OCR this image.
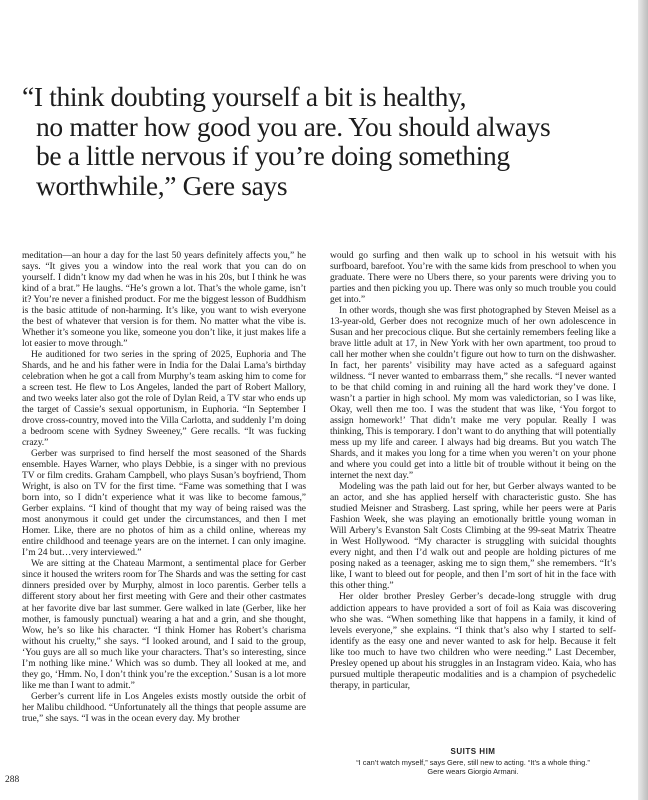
“I think doubting yourself a bit is healthy,
no matter how good you are. You should always
be a little nervous if you’re doing something
worthwhile,” Gere says

meditation—an hour a day for the last 50 years definitely affects you,” he says. “It gives you a window into the real work that you can do on yourself. I didn’t know my dad when he was in his 20s, but I think he was kind of a brat.” He laughs. “He’s grown a lot. That’s the whole game, isn’t it? You’re never a finished product. For me the biggest lesson of Buddhism is the basic attitude of non-harming. It’s like, you want to wish everyone the best of whatever that version is for them. No matter what the vibe is. Whether it’s someone you like, someone you don’t like, it just makes life a lot easier to move through.”

He auditioned for two series in the spring of 2025, Euphoria and The Shards, and he and his father were in India for the Dalai Lama’s birthday celebration when he got a call from Murphy’s team asking him to come for a screen test. He flew to Los Angeles, landed the part of Robert Mallory, and two weeks later also got the role of Dylan Reid, a TV star who ends up the target of Cassie’s sexual opportunism, in Euphoria. “In September I drove cross-country, moved into the Villa Carlotta, and suddenly I’m doing a bedroom scene with Sydney Sweeney,” Gere recalls. “It was fucking crazy.”

Gerber was surprised to find herself the most seasoned of the Shards ensemble. Hayes Warner, who plays Debbie, is a singer with no previous TV or film credits. Graham Campbell, who plays Susan’s boyfriend, Thom Wright, is also on TV for the first time. “Fame was something that I was born into, so I didn’t experience what it was like to become famous,” Gerber explains. “I kind of thought that my way of being raised was the most anonymous it could get under the circumstances, and then I met Homer. Like, there are no photos of him as a child online, whereas my entire childhood and teenage years are on the internet. I can only imagine. I’m 24 but…very interviewed.”

We are sitting at the Chateau Marmont, a sentimental place for Gerber since it housed the writers room for The Shards and was the setting for cast dinners presided over by Murphy, almost in loco parentis. Gerber tells a different story about her first meeting with Gere and their other castmates at her favorite dive bar last summer. Gere walked in late (Gerber, like her mother, is famously punctual) wearing a hat and a grin, and she thought, Wow, he’s so like his character. “I think Homer has Robert’s charisma without his cruelty,” she says. “I looked around, and I said to the group, ‘You guys are all so much like your characters. That’s so interesting, since I’m nothing like mine.’ Which was so dumb. They all looked at me, and they go, ‘Hmm. No, I don’t think you’re the exception.’ Susan is a lot more like me than I want to admit.”

Gerber’s current life in Los Angeles exists mostly outside the orbit of her Malibu childhood. “Unfortunately all the things that people assume are true,” she says. “I was in the ocean every day. My brother

would go surfing and then walk up to school in his wetsuit with his surfboard, barefoot. You’re with the same kids from preschool to when you graduate. There were no Ubers there, so your parents were driving you to parties and then picking you up. There was only so much trouble you could get into.”

In other words, though she was first photographed by Steven Meisel as a 13-year-old, Gerber does not recognize much of her own adolescence in Susan and her precocious clique. But she certainly remembers feeling like a brave little adult at 17, in New York with her own apartment, too proud to call her mother when she couldn’t figure out how to turn on the dishwasher. In fact, her parents’ visibility may have acted as a safeguard against wildness. “I never wanted to embarrass them,” she recalls. “I never wanted to be that child coming in and ruining all the hard work they’ve done. I wasn’t a partier in high school. My mom was valedictorian, so I was like, Okay, well then me too. I was the student that was like, ‘You forgot to assign homework!’ That didn’t make me very popular. Really I was thinking, This is temporary. I don’t want to do anything that will potentially mess up my life and career. I always had big dreams. But you watch The Shards, and it makes you long for a time when you weren’t on your phone and where you could get into a little bit of trouble without it being on the internet the next day.”

Modeling was the path laid out for her, but Gerber always wanted to be an actor, and she has applied herself with characteristic gusto. She has studied Meisner and Strasberg. Last spring, while her peers were at Paris Fashion Week, she was playing an emotionally brittle young woman in Will Arbery’s Evanston Salt Costs Climbing at the 99-seat Matrix Theatre in West Hollywood. “My character is struggling with suicidal thoughts every night, and then I’d walk out and people are holding pictures of me posing naked as a teenager, asking me to sign them,” she remembers. “It’s like, I want to bleed out for people, and then I’m sort of hit in the face with this other thing.”

Her older brother Presley Gerber’s decade-long struggle with drug addiction appears to have provided a sort of foil as Kaia was discovering who she was. “When something like that happens in a family, it kind of levels everyone,” she explains. “I think that’s also why I started to self-identify as the easy one and never wanted to ask for help. Because it felt like too much to have two children who were needing.” Last December, Presley opened up about his struggles in an Instagram video. Kaia, who has pursued multiple therapeutic modalities and is a champion of psychedelic therapy, in particular,

SUITS HIM
“I can’t watch myself,” says Gere, still new to acting. “It’s a whole thing.”
Gere wears Giorgio Armani.
288
